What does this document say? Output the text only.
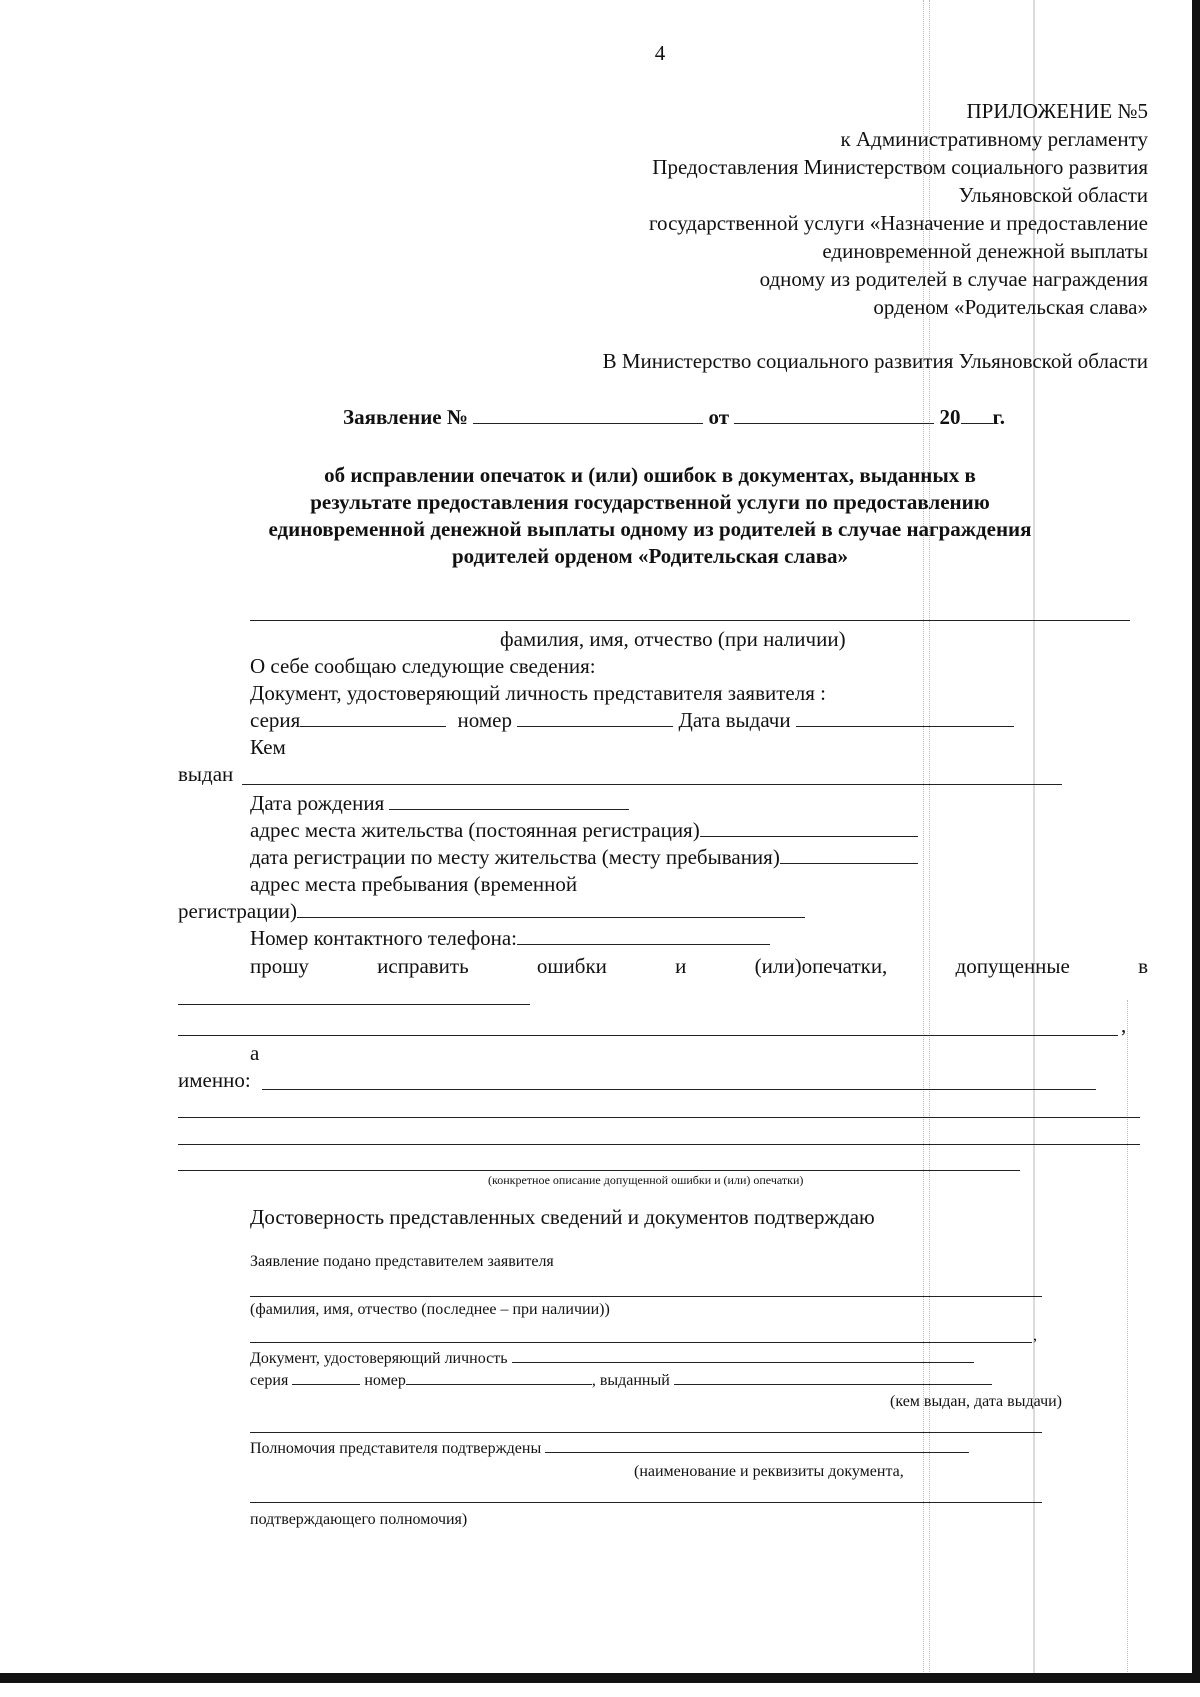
4
ПРИЛОЖЕНИЕ №5
к Административному регламенту
Предоставления Министерством социального развития
Ульяновской области
государственной услуги «Назначение и предоставление
единовременной денежной выплаты
одному из родителей в случае награждения
орденом «Родительская слава»
В Министерство социального развития Ульяновской области
Заявление №	от	20 г.
об исправлении опечаток и (или) ошибок в документах, выданных в
результате предоставления государственной услуги по предоставлению
единовременной денежной выплаты одному из родителей в случае награждения
родителей орденом «Родительская слава»
фамилия, имя, отчество (при наличии)
О себе сообщаю следующие сведения:
Документ, удостоверяющий личность представителя заявителя :
серия	номер	Дата выдачи
Кем
выдан
Дата рождения
адрес места жительства (постоянная регистрация)
дата регистрации по месту жительства (месту пребывания)
адрес места пребывания (временной
регистрации)
Номер контактного телефона:
прошу	исправить	ошибки	и	(или)опечатки,	допущенные	в
,
а
именно:
(конкретное описание допущенной ошибки и (или) опечатки)
Достоверность представленных сведений и документов подтверждаю
Заявление подано представителем заявителя
(фамилия, имя, отчество (последнее – при наличии))
,
Документ, удостоверяющий личность
серия	номер	, выданный
(кем выдан, дата выдачи)
Полномочия представителя подтверждены
(наименование и реквизиты документа,
подтверждающего полномочия)
